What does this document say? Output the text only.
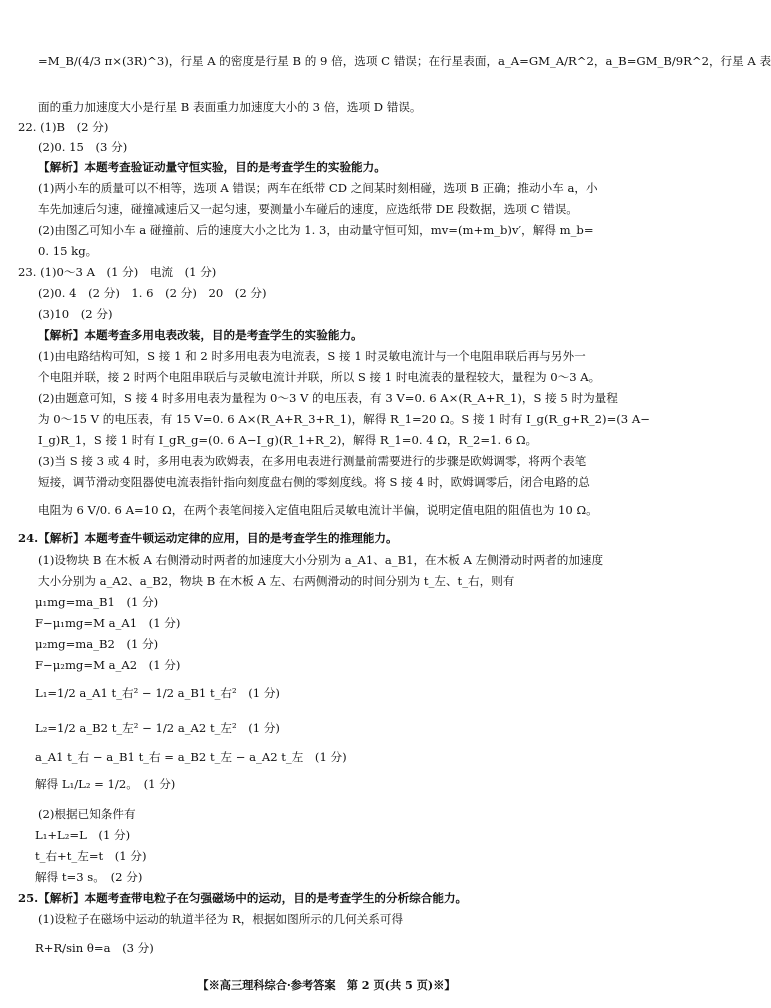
=M_B/(4/3 π×(3R)^3)，行星 A 的密度是行星 B 的 9 倍，选项 C 错误；在行星表面，a_A=GM_A/R^2，a_B=GM_B/9R^2，行星 A 表
面的重力加速度大小是行星 B 表面重力加速度大小的 3 倍，选项 D 错误。
22. (1)B　(2 分)
(2)0. 15　(3 分)
【解析】本题考查验证动量守恒实验，目的是考查学生的实验能力。
(1)两小车的质量可以不相等，选项 A 错误；两车在纸带 CD 之间某时刻相碰，选项 B 正确；推动小车 a，小
车先加速后匀速，碰撞减速后又一起匀速，要测量小车碰后的速度，应选纸带 DE 段数据，选项 C 错误。
(2)由图乙可知小车 a 碰撞前、后的速度大小之比为 1. 3，由动量守恒可知，mv=(m+m_b)v′，解得 m_b=
0. 15 kg。
23. (1)0～3 A　(1 分)　电流　(1 分)
(2)0. 4　(2 分)　1. 6　(2 分)　20　(2 分)
(3)10　(2 分)
【解析】本题考查多用电表改装，目的是考查学生的实验能力。
(1)由电路结构可知，S 接 1 和 2 时多用电表为电流表，S 接 1 时灵敏电流计与一个电阻串联后再与另外一
个电阻并联，接 2 时两个电阻串联后与灵敏电流计并联，所以 S 接 1 时电流表的量程较大，量程为 0～3 A。
(2)由题意可知，S 接 4 时多用电表为量程为 0～3 V 的电压表，有 3 V=0. 6 A×(R_A+R_1)，S 接 5 时为量程
为 0～15 V 的电压表，有 15 V=0. 6 A×(R_A+R_3+R_1)，解得 R_1=20 Ω。S 接 1 时有 I_g(R_g+R_2)=(3 A−
I_g)R_1，S 接 1 时有 I_gR_g=(0. 6 A−I_g)(R_1+R_2)，解得 R_1=0. 4 Ω，R_2=1. 6 Ω。
(3)当 S 接 3 或 4 时，多用电表为欧姆表，在多用电表进行测量前需要进行的步骤是欧姆调零，将两个表笔
短接，调节滑动变阻器使电流表指针指向刻度盘右侧的零刻度线。将 S 接 4 时，欧姆调零后，闭合电路的总
电阻为 6 V/0. 6 A=10 Ω，在两个表笔间接入定值电阻后灵敏电流计半偏，说明定值电阻的阻值也为 10 Ω。
24.【解析】本题考查牛顿运动定律的应用，目的是考查学生的推理能力。
(1)设物块 B 在木板 A 右侧滑动时两者的加速度大小分别为 a_A1、a_B1，在木板 A 左侧滑动时两者的加速度
大小分别为 a_A2、a_B2，物块 B 在木板 A 左、右两侧滑动的时间分别为 t_左、t_右，则有
μ₁mg=ma_B1　(1 分)
F−μ₁mg=M a_A1　(1 分)
μ₂mg=ma_B2　(1 分)
F−μ₂mg=M a_A2　(1 分)
L₁=1/2 a_A1 t_右² − 1/2 a_B1 t_右²　(1 分)
L₂=1/2 a_B2 t_左² − 1/2 a_A2 t_左²　(1 分)
a_A1 t_右 − a_B1 t_右 = a_B2 t_左 − a_A2 t_左　(1 分)
解得 L₁/L₂ = 1/2。　(1 分)
(2)根据已知条件有
L₁+L₂=L　(1 分)
t_右+t_左=t　(1 分)
解得 t=3 s。　(2 分)
25.【解析】本题考查带电粒子在匀强磁场中的运动，目的是考查学生的分析综合能力。
(1)设粒子在磁场中运动的轨道半径为 R，根据如图所示的几何关系可得
R+R/sin θ=a　(3 分)
【※高三理科综合·参考答案　第 2 页(共 5 页)※】
